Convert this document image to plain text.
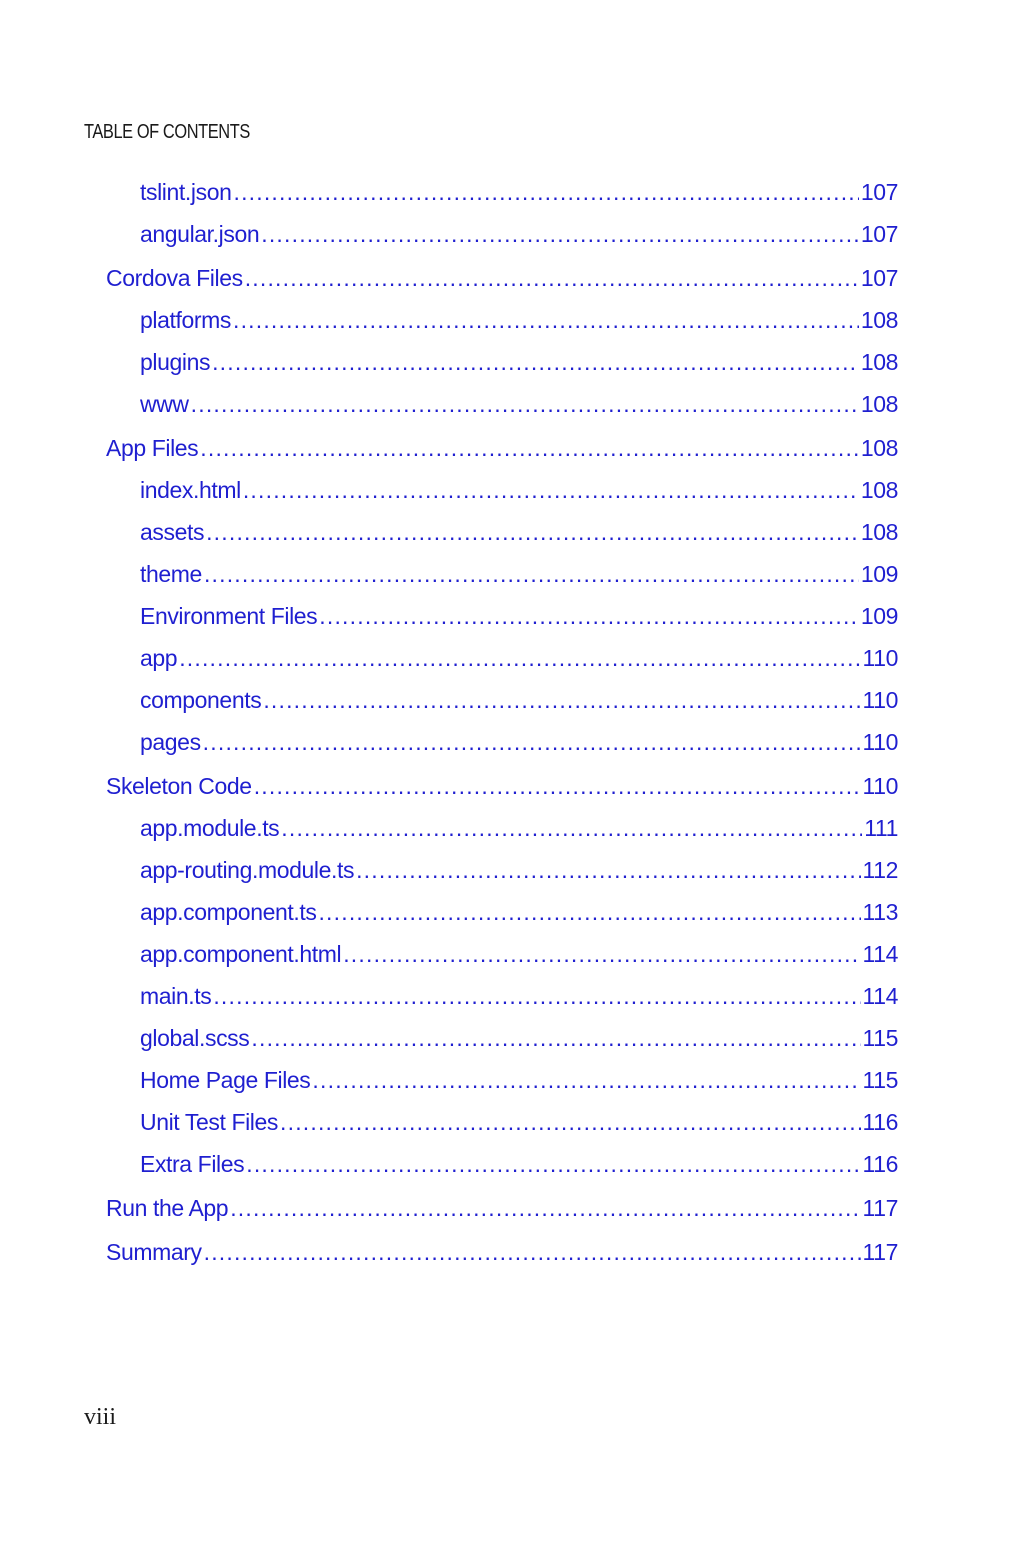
TABLE OF CONTENTS
tslint.json .....	107
angular.json .....	107
Cordova Files .....	107
platforms .....	108
plugins .....	108
www .....	108
App Files .....	108
index.html .....	108
assets .....	108
theme .....	109
Environment Files .....	109
app .....	110
components .....	110
pages .....	110
Skeleton Code .....	110
app.module.ts .....	111
app-routing.module.ts .....	112
app.component.ts .....	113
app.component.html .....	114
main.ts .....	114
global.scss .....	115
Home Page Files .....	115
Unit Test Files .....	116
Extra Files .....	116
Run the App .....	117
Summary .....	117
viii
